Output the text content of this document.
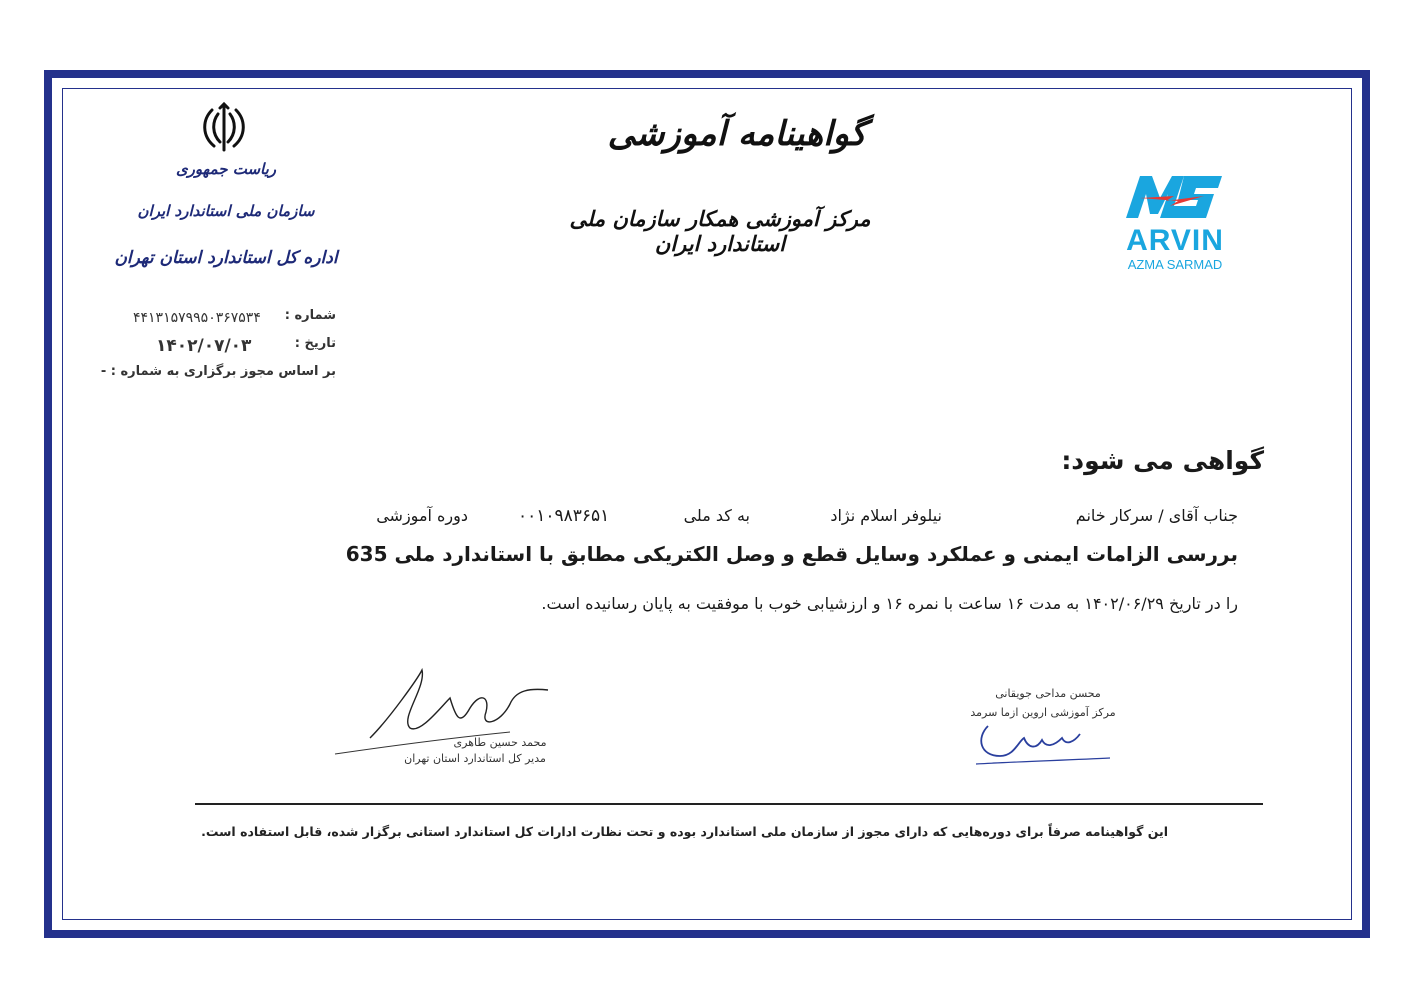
ریاست جمهوری
سازمان ملی استاندارد ایران
اداره کل استاندارد استان تهران
شماره :
۴۴۱۳۱۵۷۹۹۵۰۳۶۷۵۳۴
تاریخ :
۱۴۰۲/۰۷/۰۳
بر اساس مجوز برگزاری به شماره : -
گواهینامه آموزشی
مرکز آموزشی همکار سازمان ملی استاندارد ایران	ARVIN
AZMA SARMAD
گواهی می شود:
جناب آقای / سرکار خانم
نیلوفر اسلام نژاد
به کد ملی
۰۰۱۰۹۸۳۶۵۱
دوره آموزشی
بررسی الزامات ایمنی و عملکرد وسایل قطع و وصل الکتریکی مطابق با استاندارد ملی 635
را در تاریخ ۱۴۰۲/۰۶/۲۹ به مدت ۱۶ ساعت با نمره ۱۶ و ارزشیابی خوب با موفقیت به پایان رسانیده است.
محمد حسین طاهری
مدیر کل استاندارد استان تهران
محسن مداحی جویقانی
مرکز آموزشی اروین ازما سرمد
این گواهینامه صرفاً برای دوره‌هایی که دارای مجوز از سازمان ملی استاندارد بوده و تحت نظارت ادارات کل استاندارد استانی برگزار شده، قابل استفاده است.
